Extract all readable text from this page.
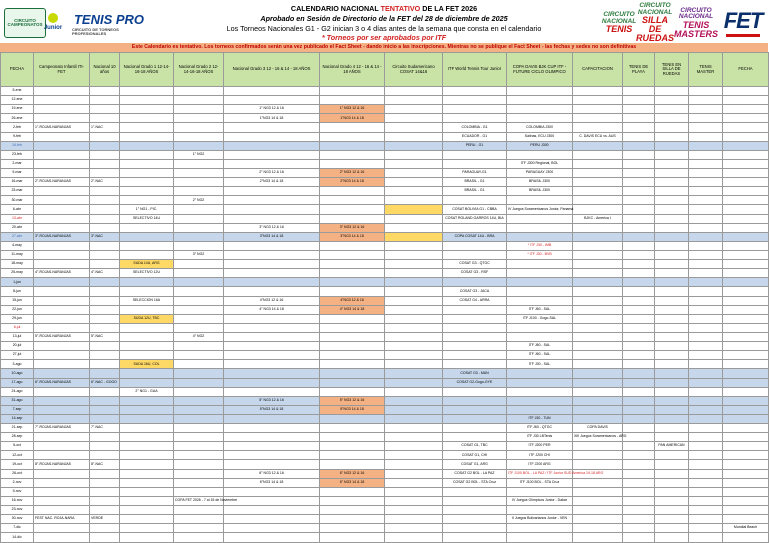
CIRCUITO CAMPEONATOS
Junior
TENIS PRO
CIRCUITO DE TORNEOS PROFESIONALES
CALENDARIO NACIONAL TENTATIVO DE LA FET 2026
Aprobado en Sesión de Directorio de la FET del 28 de diciembre de 2025
Los Torneos Nacionales G1 - G2 inician 3 o 4 días antes de la semana que consta en el calendario
* Torneos por ser aprobados por ITF
CIRCUITO NACIONAL
TENIS
CIRCUITO NACIONAL
SILLA DE RUEDAS
CIRCUITO NACIONAL
TENIS MASTERS
FET
Este Calendario es tentativo. Los torneos confirmados serán una vez publicado el Fact Sheet - dando inicio a las inscripciones. Mientras no se publique el Fact Sheet - las fechas y sedes no son definitivas
FECHA	Campeonato Infantil ITI-FET	Nacional 10 años	Nacional Grado 1 12-14-16-18 AÑOS	Nacional Grado 2 12-14-16-18 AÑOS	Nacional Grado 3 12 - 16 & 14 - 18 AÑOS	Nacional Grado 4 12 - 16 & 14 - 18 AÑOS	Circuito Sudamericano COSAT 14&16	ITF World Tennis Tour Junior	COPA DAVIS BJK CUP ITF - FUTURE CICLO OLIMPICO	CAPACITACION	TENIS DE PLAYA	TENIS EN SILLA DE RUEDAS	TENIS MASTER	FECHA	
5-ene															
12-ene															
19-ene					1° NG3 12 & 16	1° NG3 12 & 16									
26-ene					1°NG3 14 & 18	1°NG3 14 & 18									
2-feb	1°-ROJAS-NARANJAS	1°-NAC						COLOMBIA - G1	COLOMBIA J300						
9-feb								ECUADOR - G1	Salinas, ECU J300	C. DAVIS ECU vs. AUS					
16-feb								PERU - G1	PERU J300						
23-feb				1° NG2											
2-mar									ITF J300 Regional, BOL						
9-mar					2° NG3 12 & 16	2° NG3 12 & 16		PARAGUAY-G1	PARAGUAY J300						
16-mar	2°-ROJAS-NARANJAS	2°-NAC			2°NG3 14 & 18	2°NG3 14 & 18		BRASIL - G1	BRASIL J300						
23-mar								BRASIL - G1	BRASIL J300						
30-mar				2° NG2											
6-abr			1° NG1 - PIC.					COSAT BOLIVIA G1 - CBBA	IV Juegos Suramericanos Junior, Panamá						
13-abr			SELECTIVO 14U					COSAT ROLAND GARROS 14U, BIA		BJKC - America I					
20-abr					3° NG3 12 & 16	3° NG3 12 & 16									
27-abr	3°-ROJAS-NARANJAS	3°-NAC			3°NG3 14 & 18	3°NG3 14 & 18		COPA COSAT 14U - BRA							
4-may									* ITF J30 - IMB						
11-may				3° NG2					* ITF J30 - BVB						
18-may			SUDA 14U, ARG					COSAT G3 - QTGC							
25-may	4°-ROJAS-NARANJAS	4°-NAC	SELECTIVO 12U					COSAT G3 - RSF							
1-jun															
8-jun								COSAT G3 - JACA							
15-jun			SELECCION 16U		4°NG3 12 & 16	4°NG3 12 & 16		COSAT G4 - ARRA							
22-jun					4° NG3 14 & 18	4° NG3 14 & 18			ITF J60 - SAL						
29-jun			SUDA 12U, TBC						ITF J100 - Gogo-SAL						
6-jul															
13-jul	5°-ROJAS-NARANJAS	5°-NAC		4° NG2											
20-jul									ITF J60 - SAL						
27-jul									ITF J60 - SAL						
3-ago			SUDA 16U, COL						ITF J30 - SAL						
10-ago								COSAT G3 - MAN							
17-ago	6°-ROJAS-NARANJAS	6°-NAC - GOGO						COSAT G2-Gogo-GYE							
24-ago			2° NG1 - GUA												
31-ago					5° NG3 12 & 16	5° NG3 12 & 16									
7-sep					5°NG3 14 & 18	5°NG3 14 & 18									
14-sep									ITF J30 - TUN						
21-sep	7°-ROJAS-NARANJAS	7°-NAC							ITF J60 - QTGC	COPA DAVIS					
28-sep									ITF J30 LBTenis	XIII Juegos Suramericanos - ARG					
5-oct								COSAT G1, TBC	ITF J200 PER			PAN AMERICAN			
12-oct								COSAT G1, CHI	ITF J200 CHI						
19-oct	8°-ROJAS-NARANJAS	8°-NAC						COSAT G1, ARG	ITF J200 ARG						
26-oct					6° NG3 12 & 16	6° NG3 12 & 16		COSAT G2 BOL - LA PAZ	ITF J100 BOL - LA PAZ / ITF Junior SUD America 19-18 ARG						
2-nov					6°NG3 14 & 18	6° NG3 14 & 18		COSAT G2 BOL - STA Cruz	ITF J100 BOL - STA Cruz						
9-nov															
16-nov				COPA FET 2026 - 7 al 15 de Noviembre					IV Juegos Olímpicos Junior - Dakar						
23-nov															
30-nov	FEST NAC. ROJA-NARA	VERDE							II Juegos Bolivarianos Junior - VEN						
7-dic														Mundial Beach	
14-dic															
